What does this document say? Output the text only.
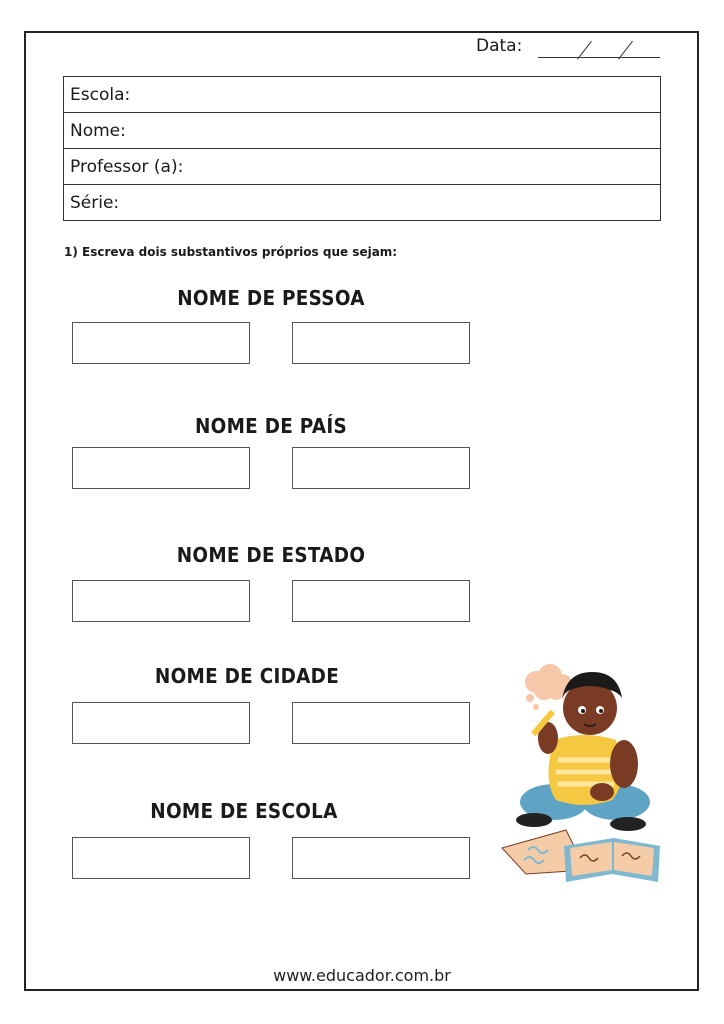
Data:
Escola:
Nome:
Professor (a):
Série:
1) Escreva dois substantivos próprios que sejam:
NOME DE PESSOA
NOME DE PAÍS
NOME DE ESTADO
NOME DE CIDADE
NOME DE ESCOLA
www.educador.com.br
